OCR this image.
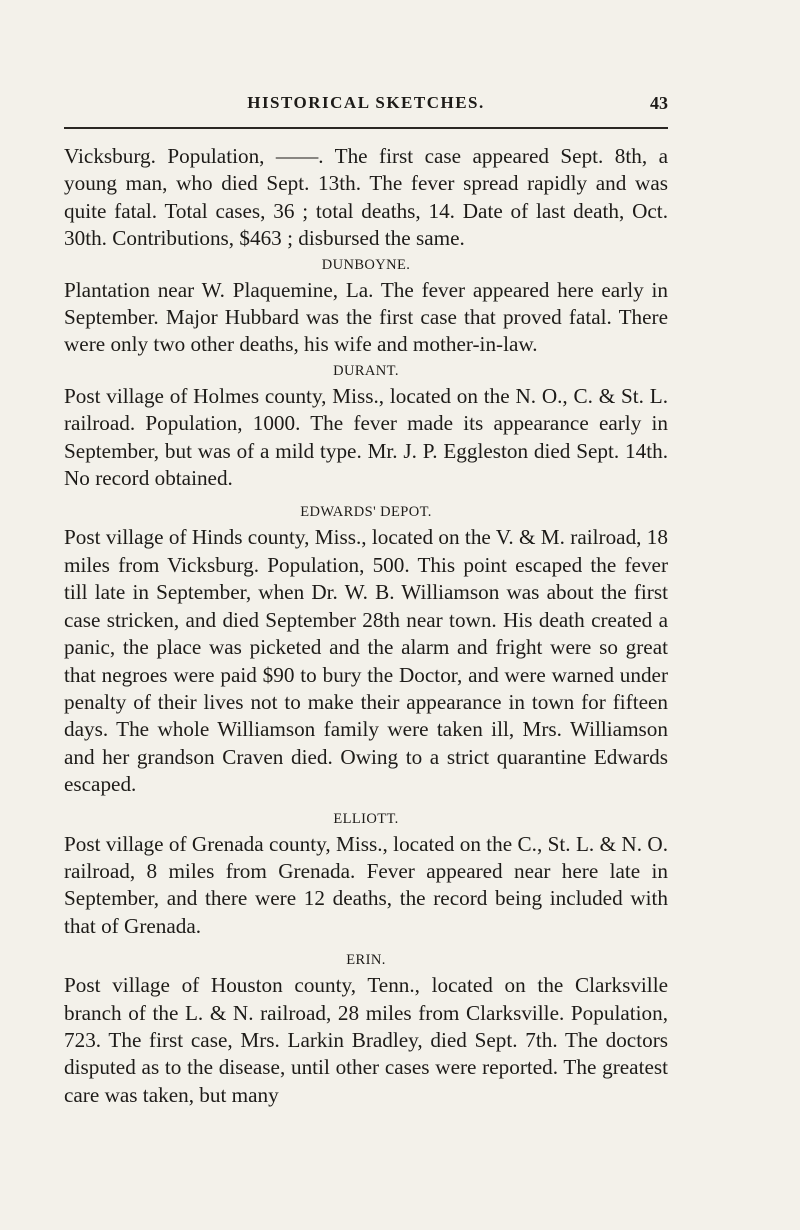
HISTORICAL SKETCHES.	43

Vicksburg. Population, ——. The first case appeared Sept. 8th, a young man, who died Sept. 13th. The fever spread rapidly and was quite fatal. Total cases, 36 ; total deaths, 14. Date of last death, Oct. 30th. Contributions, $463 ; disbursed the same.

DUNBOYNE.

Plantation near W. Plaquemine, La. The fever appeared here early in September. Major Hubbard was the first case that proved fatal. There were only two other deaths, his wife and mother-in-law.

DURANT.

Post village of Holmes county, Miss., located on the N. O., C. & St. L. railroad. Population, 1000. The fever made its appearance early in September, but was of a mild type. Mr. J. P. Eggleston died Sept. 14th. No record obtained.

EDWARDS' DEPOT.

Post village of Hinds county, Miss., located on the V. & M. railroad, 18 miles from Vicksburg. Population, 500. This point escaped the fever till late in September, when Dr. W. B. Williamson was about the first case stricken, and died September 28th near town. His death created a panic, the place was picketed and the alarm and fright were so great that negroes were paid $90 to bury the Doctor, and were warned under penalty of their lives not to make their appearance in town for fifteen days. The whole Williamson family were taken ill, Mrs. Williamson and her grandson Craven died. Owing to a strict quarantine Edwards escaped.

ELLIOTT.

Post village of Grenada county, Miss., located on the C., St. L. & N. O. railroad, 8 miles from Grenada. Fever appeared near here late in September, and there were 12 deaths, the record being included with that of Grenada.

ERIN.

Post village of Houston county, Tenn., located on the Clarksville branch of the L. & N. railroad, 28 miles from Clarksville. Population, 723. The first case, Mrs. Larkin Bradley, died Sept. 7th. The doctors disputed as to the disease, until other cases were reported. The greatest care was taken, but many
